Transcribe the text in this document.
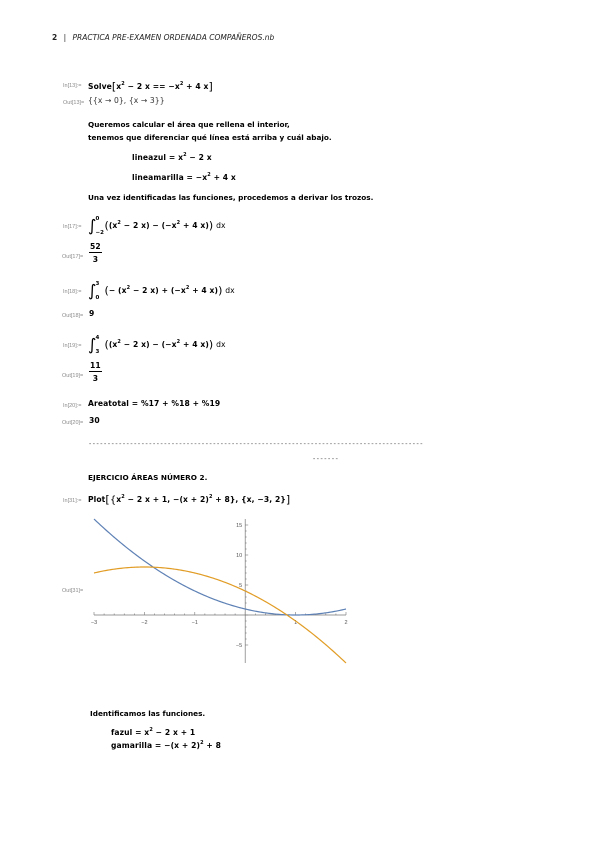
2 | PRACTICA PRE-EXAMEN ORDENADA COMPAÑEROS.nb
In[13]:= $Solve[x^2 - 2$ $x == -x^2 + 4$ x]
Out[13]= {{x → 0}, {x → 3}}
Queremos calcular el área que rellena el interior,
tenemos que diferenciar qué línea está arriba y cuál abajo.
lineazul = $x^2 - 2$ x
lineamarilla = $-x^2 + 4$ x
Una vez identificadas las funciones, procedemos a derivar los trozos.
In[17]:= ∫ 0
−2
(($x^2 - 2$ $x) - (-x^2 + 4$ x)) dx
$Out[17]= \frac{52}{3}$
In[18]:= ∫ 3
0
(− ($x^2 - 2$ $x) + (-x^2 + 4$ x)) dx
Out[18]= 9
In[19]:= ∫ 4
3
(($x^2 - 2$ $x) - (-x^2 + 4$ x)) dx
$Out[19]= \frac{11}{3}$
In[20]:= Areatotal = %17 + %18 + %19
Out[20]= 30
-----------------------------------------------------------------------------------------
-------
EJERCICIO ÁREAS NÚMERO 2.
In[31]:= $Plot[\{x^2 - 2$ x + 1, $-(x + 2)^2 + 8$}, {x, −3, 2}]
Out[31]=
−3	−2	−1	1	2
15
10
5
−5
Identificamos las funciones.
fazul = $x^2 - 2$ x + 1
gamarilla = $-(x + 2)^2 + 8$
